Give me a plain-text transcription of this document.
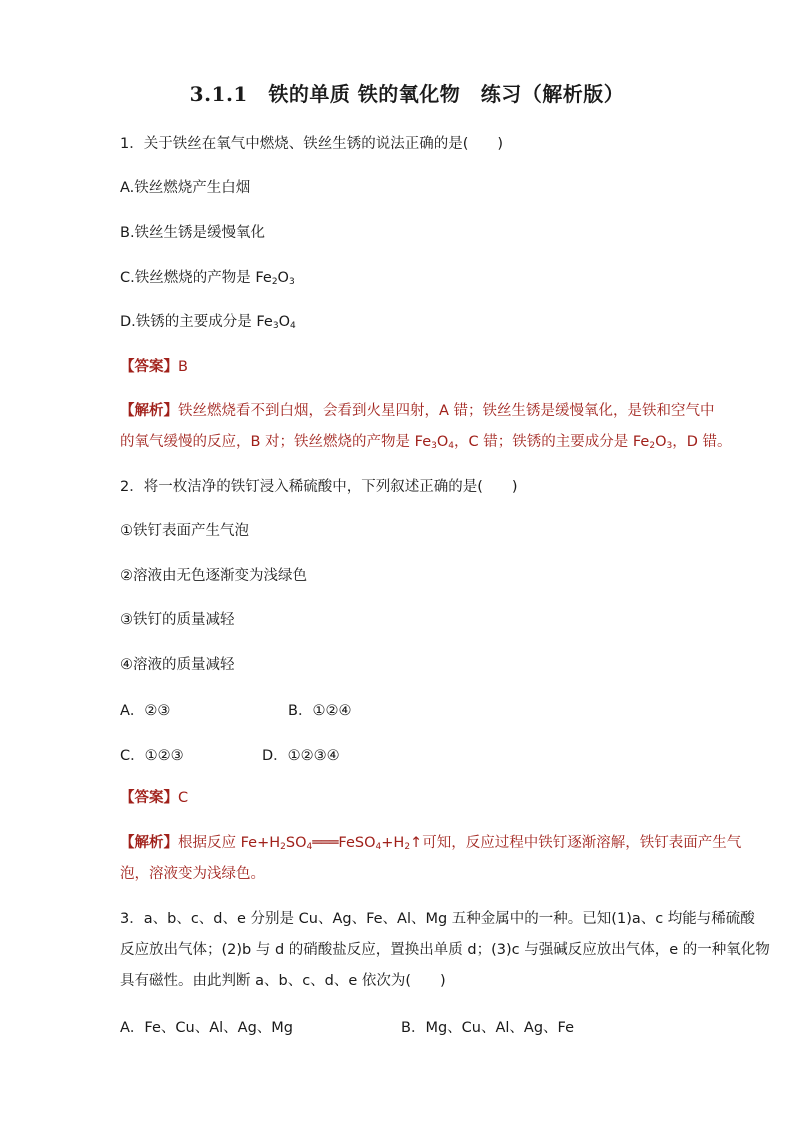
3.1.1　铁的单质 铁的氧化物　练习（解析版）
1．关于铁丝在氧气中燃烧、铁丝生锈的说法正确的是(　　)
A.铁丝燃烧产生白烟
B.铁丝生锈是缓慢氧化
C.铁丝燃烧的产物是 $Fe_2O_3$
D.铁锈的主要成分是 $Fe_3O_4$
【答案】B
【解析】铁丝燃烧看不到白烟，会看到火星四射，A 错；铁丝生锈是缓慢氧化，是铁和空气中
的氧气缓慢的反应，B 对；铁丝燃烧的产物是 $Fe_3O_4$，C 错；铁锈的主要成分是 $Fe_2O_3$，D 错。
2．将一枚洁净的铁钉浸入稀硫酸中，下列叙述正确的是(　　)
①铁钉表面产生气泡
②溶液由无色逐渐变为浅绿色
③铁钉的质量减轻
④溶液的质量减轻
A．②③	B．①②④
C．①②③	D．①②③④
【答案】C
【解析】根据反应 $Fe+H_2SO_4═══FeSO_4+H_2↑$可知，反应过程中铁钉逐渐溶解，铁钉表面产生气
泡，溶液变为浅绿色。
3．a、b、c、d、e 分别是 Cu、Ag、Fe、Al、Mg 五种金属中的一种。已知(1)a、c 均能与稀硫酸
反应放出气体；(2)b 与 d 的硝酸盐反应，置换出单质 d；(3)c 与强碱反应放出气体，e 的一种氧化物
具有磁性。由此判断 a、b、c、d、e 依次为(　　)
A．Fe、Cu、Al、Ag、Mg	B．Mg、Cu、Al、Ag、Fe
